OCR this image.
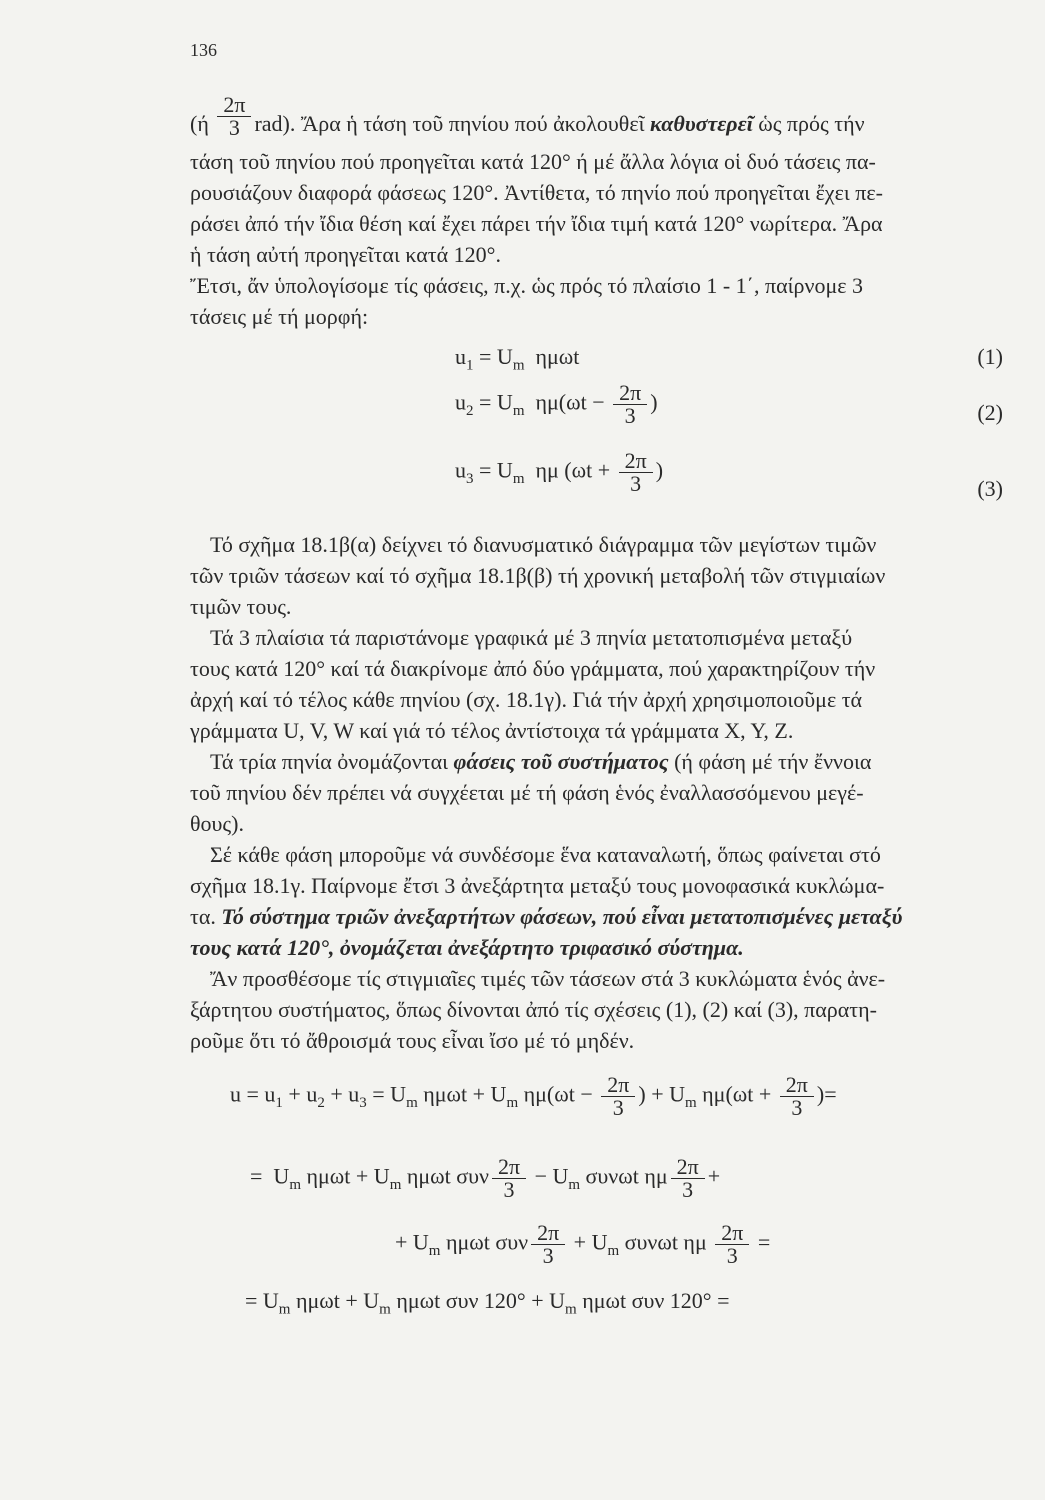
136
$(ή \frac{2\pi}{3} rad)$. Ἄρα ἡ τάση τοῦ πηνίου πού ἀκολουθεῖ καθυστερεῖ ὡς πρός τήν
τάση τοῦ πηνίου πού προηγεῖται κατά 120° ή μέ ἄλλα λόγια οἱ δυό τάσεις πα-
ρουσιάζουν διαφορά φάσεως 120°. Ἀντίθετα, τό πηνίο πού προηγεῖται ἔχει πε-
ράσει ἀπό τήν ἴδια θέση καί ἔχει πάρει τήν ἴδια τιμή κατά 120° νωρίτερα. Ἄρα
ἡ τάση αὐτή προηγεῖται κατά 120°.
Ἔτσι, ἄν ὑπολογίσομε τίς φάσεις, π.χ. ὡς πρός τό πλαίσιο 1 - 1΄, παίρνομε 3
τάσεις μέ τή μορφή:
$u_1 = U_m$ ημωt	(1)
$u_2 = U_m$ $\eta\mu(\omega t - \frac{2\pi}{3}$ )	(2)
$u_3 = U_m$ ημ ($\omega t + \frac{2\pi}{3}$ )
(3)
Τό σχῆμα 18.1β(α) δείχνει τό διανυσματικό διάγραμμα τῶν μεγίστων τιμῶν
τῶν τριῶν τάσεων καί τό σχῆμα 18.1β(β) τή χρονική μεταβολή τῶν στιγμιαίων
τιμῶν τους.
Τά 3 πλαίσια τά παριστάνομε γραφικά μέ 3 πηνία μετατοπισμένα μεταξύ
τους κατά 120° καί τά διακρίνομε ἀπό δύο γράμματα, πού χαρακτηρίζουν τήν
ἀρχή καί τό τέλος κάθε πηνίου (σχ. 18.1γ). Γιά τήν ἀρχή χρησιμοποιοῦμε τά
γράμματα U, V, W καί γιά τό τέλος ἀντίστοιχα τά γράμματα X, Y, Z.
Τά τρία πηνία ὀνομάζονται φάσεις τοῦ συστήματος (ή φάση μέ τήν ἔννοια
τοῦ πηνίου δέν πρέπει νά συγχέεται μέ τή φάση ἑνός ἐναλλασσόμενου μεγέ-
θους).
Σέ κάθε φάση μποροῦμε νά συνδέσομε ἕνα καταναλωτή, ὅπως φαίνεται στό
σχῆμα 18.1γ. Παίρνομε ἔτσι 3 ἀνεξάρτητα μεταξύ τους μονοφασικά κυκλώμα-
τα. Τό σύστημα τριῶν ἀνεξαρτήτων φάσεων, πού εἶναι μετατοπισμένες μεταξύ
τους κατά 120°, ὀνομάζεται ἀνεξάρτητο τριφασικό σύστημα.
Ἄν προσθέσομε τίς στιγμιαῖες τιμές τῶν τάσεων στά 3 κυκλώματα ἑνός ἀνε-
ξάρτητου συστήματος, ὅπως δίνονται ἀπό τίς σχέσεις (1), (2) καί (3), παρατη-
ροῦμε ὅτι τό ἄθροισμά τους εἶναι ἴσο μέ τό μηδέν.
$u = u_1 + u_2 + u_3 = U_m$ $\eta\mu\omega t + U_m$ $\eta\mu(\omega t - \frac{2\pi}{3}$ ) + $U_m$ $\eta\mu(\omega t + \frac{2\pi}{3}$ )=
= $U_m$ $\eta\mu\omega t + U_m$ ημωt συν $\frac{2\pi}{3} - U_m$ συνωt ημ $\frac{2\pi}{3}$ +
+ $U_m$ ημωt συν $\frac{2\pi}{3} + U_m$ συνωt ημ $\frac{2\pi}{3}$ =
= $U_m$ $\eta\mu\omega t + U_m$ ημωt συν $120^\circ + U_m$ ημωt συν 120° =
